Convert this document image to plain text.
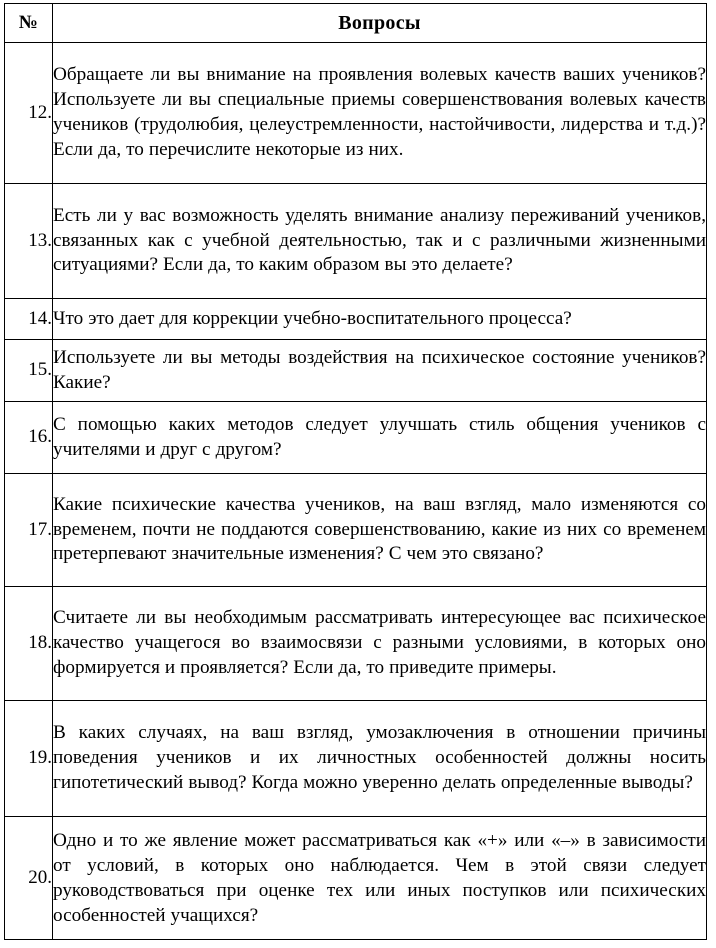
№	Вопросы
12.	Обращаете ли вы внимание на проявления волевых качеств ваших учеников? Используете ли вы специальные приемы совершенствования волевых качеств учеников (трудолюбия, целеустремленности, настойчивости, лидерства и т.д.)? Если да, то перечислите некоторые из них.
13.	Есть ли у вас возможность уделять внимание анализу переживаний учеников, связанных как с учебной деятельностью, так и с различными жизненными ситуациями? Если да, то каким образом вы это делаете?
14.	Что это дает для коррекции учебно-воспитательного процесса?
15.	Используете ли вы методы воздействия на психическое состояние учеников? Какие?
16.	С помощью каких методов следует улучшать стиль общения учеников с учителями и друг с другом?
17.	Какие психические качества учеников, на ваш взгляд, мало изменяются со временем, почти не поддаются совершенствованию, какие из них со временем претерпевают значительные изменения? С чем это связано?
18.	Считаете ли вы необходимым рассматривать интересующее вас психическое качество учащегося во взаимосвязи с разными условиями, в которых оно формируется и проявляется? Если да, то приведите примеры.
19.	В каких случаях, на ваш взгляд, умозаключения в отношении причины поведения учеников и их личностных особенностей должны носить гипотетический вывод? Когда можно уверенно делать определенные выводы?
20.	Одно и то же явление может рассматриваться как «+» или «–» в зависимости от условий, в которых оно наблюдается. Чем в этой связи следует руководствоваться при оценке тех или иных поступков или психических особенностей учащихся?
